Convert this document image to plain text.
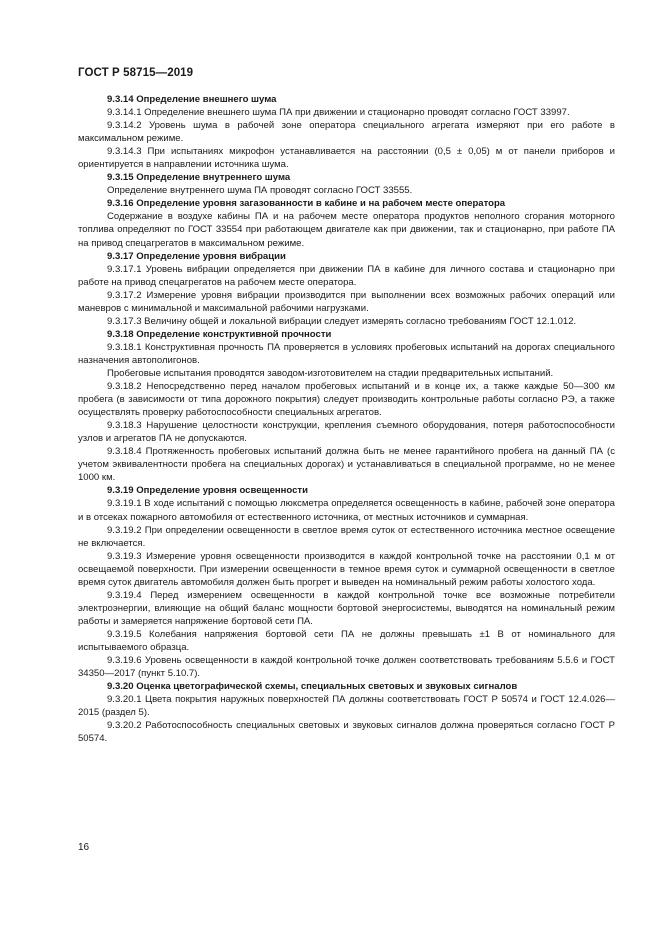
ГОСТ Р 58715—2019

9.3.14 Определение внешнего шума

9.3.14.1 Определение внешнего шума ПА при движении и стационарно проводят согласно ГОСТ 33997.

9.3.14.2 Уровень шума в рабочей зоне оператора специального агрегата измеряют при его работе в максимальном режиме.

9.3.14.3 При испытаниях микрофон устанавливается на расстоянии (0,5 ± 0,05) м от панели приборов и ориентируется в направлении источника шума.

9.3.15 Определение внутреннего шума

Определение внутреннего шума ПА проводят согласно ГОСТ 33555.

9.3.16 Определение уровня загазованности в кабине и на рабочем месте оператора

Содержание в воздухе кабины ПА и на рабочем месте оператора продуктов неполного сгорания моторного топлива определяют по ГОСТ 33554 при работающем двигателе как при движении, так и стационарно, при работе ПА на привод спецагрегатов в максимальном режиме.

9.3.17 Определение уровня вибрации

9.3.17.1 Уровень вибрации определяется при движении ПА в кабине для личного состава и стационарно при работе на привод спецагрегатов на рабочем месте оператора.

9.3.17.2 Измерение уровня вибрации производится при выполнении всех возможных рабочих операций или маневров с минимальной и максимальной рабочими нагрузками.

9.3.17.3 Величину общей и локальной вибрации следует измерять согласно требованиям ГОСТ 12.1.012.

9.3.18 Определение конструктивной прочности

9.3.18.1 Конструктивная прочность ПА проверяется в условиях пробеговых испытаний на дорогах специального назначения автополигонов.

Пробеговые испытания проводятся заводом-изготовителем на стадии предварительных испытаний.

9.3.18.2 Непосредственно перед началом пробеговых испытаний и в конце их, а также каждые 50—300 км пробега (в зависимости от типа дорожного покрытия) следует производить контрольные работы согласно РЭ, а также осуществлять проверку работоспособности специальных агрегатов.

9.3.18.3 Нарушение целостности конструкции, крепления съемного оборудования, потеря работоспособности узлов и агрегатов ПА не допускаются.

9.3.18.4 Протяженность пробеговых испытаний должна быть не менее гарантийного пробега на данный ПА (с учетом эквивалентности пробега на специальных дорогах) и устанавливаться в специальной программе, но не менее 1000 км.

9.3.19 Определение уровня освещенности

9.3.19.1 В ходе испытаний с помощью люксметра определяется освещенность в кабине, рабочей зоне оператора и в отсеках пожарного автомобиля от естественного источника, от местных источников и суммарная.

9.3.19.2 При определении освещенности в светлое время суток от естественного источника местное освещение не включается.

9.3.19.3 Измерение уровня освещенности производится в каждой контрольной точке на расстоянии 0,1 м от освещаемой поверхности. При измерении освещенности в темное время суток и суммарной освещенности в светлое время суток двигатель автомобиля должен быть прогрет и выведен на номинальный режим работы холостого хода.

9.3.19.4 Перед измерением освещенности в каждой контрольной точке все возможные потребители электроэнергии, влияющие на общий баланс мощности бортовой энергосистемы, выводятся на номинальный режим работы и замеряется напряжение бортовой сети ПА.

9.3.19.5 Колебания напряжения бортовой сети ПА не должны превышать ±1 В от номинального для испытываемого образца.

9.3.19.6 Уровень освещенности в каждой контрольной точке должен соответствовать требованиям 5.5.6 и ГОСТ 34350—2017 (пункт 5.10.7).

9.3.20 Оценка цветографической схемы, специальных световых и звуковых сигналов

9.3.20.1 Цвета покрытия наружных поверхностей ПА должны соответствовать ГОСТ Р 50574 и ГОСТ 12.4.026—2015 (раздел 5).

9.3.20.2 Работоспособность специальных световых и звуковых сигналов должна проверяться согласно ГОСТ Р 50574.

16
